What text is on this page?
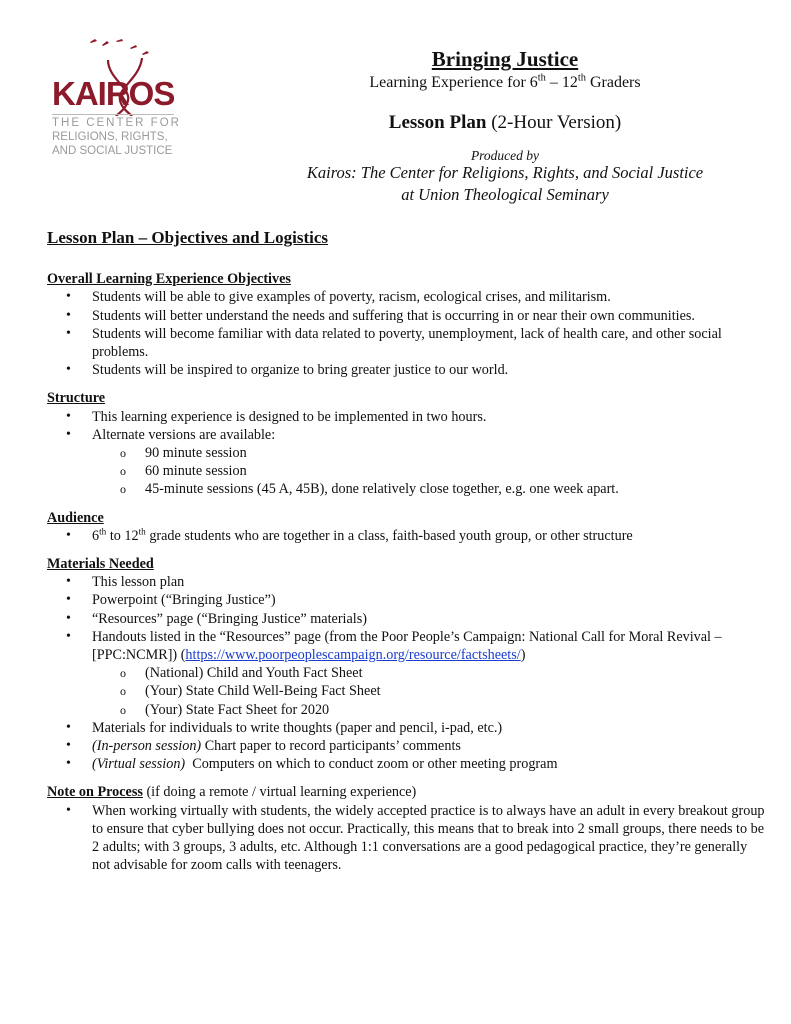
KAIROS
THE CENTER FOR
RELIGIONS, RIGHTS,
AND SOCIAL JUSTICE
Bringing Justice
Learning Experience for 6th – 12th Graders
Lesson Plan (2-Hour Version)
Produced by
Kairos: The Center for Religions, Rights, and Social Justice
at Union Theological Seminary
Lesson Plan – Objectives and Logistics
Overall Learning Experience Objectives
• Students will be able to give examples of poverty, racism, ecological crises, and militarism.
• Students will better understand the needs and suffering that is occurring in or near their own communities.
• Students will become familiar with data related to poverty, unemployment, lack of health care, and other social problems.
• Students will be inspired to organize to bring greater justice to our world.
Structure
• This learning experience is designed to be implemented in two hours.
• Alternate versions are available:
o 90 minute session
o 60 minute session
o 45-minute sessions (45 A, 45B), done relatively close together, e.g. one week apart.
Audience
• 6th to 12th grade students who are together in a class, faith-based youth group, or other structure
Materials Needed
• This lesson plan
• Powerpoint (“Bringing Justice”)
• “Resources” page (“Bringing Justice” materials)
• Handouts listed in the “Resources” page (from the Poor People’s Campaign: National Call for Moral Revival – [PPC:NCMR]) (https://www.poorpeoplescampaign.org/resource/factsheets/)
o (National) Child and Youth Fact Sheet
o (Your) State Child Well-Being Fact Sheet
o (Your) State Fact Sheet for 2020
• Materials for individuals to write thoughts (paper and pencil, i-pad, etc.)
• (In-person session) Chart paper to record participants’ comments
• (Virtual session)  Computers on which to conduct zoom or other meeting program
Note on Process (if doing a remote / virtual learning experience)
• When working virtually with students, the widely accepted practice is to always have an adult in every breakout group to ensure that cyber bullying does not occur. Practically, this means that to break into 2 small groups, there needs to be 2 adults; with 3 groups, 3 adults, etc. Although 1:1 conversations are a good pedagogical practice, they’re generally not advisable for zoom calls with teenagers.
